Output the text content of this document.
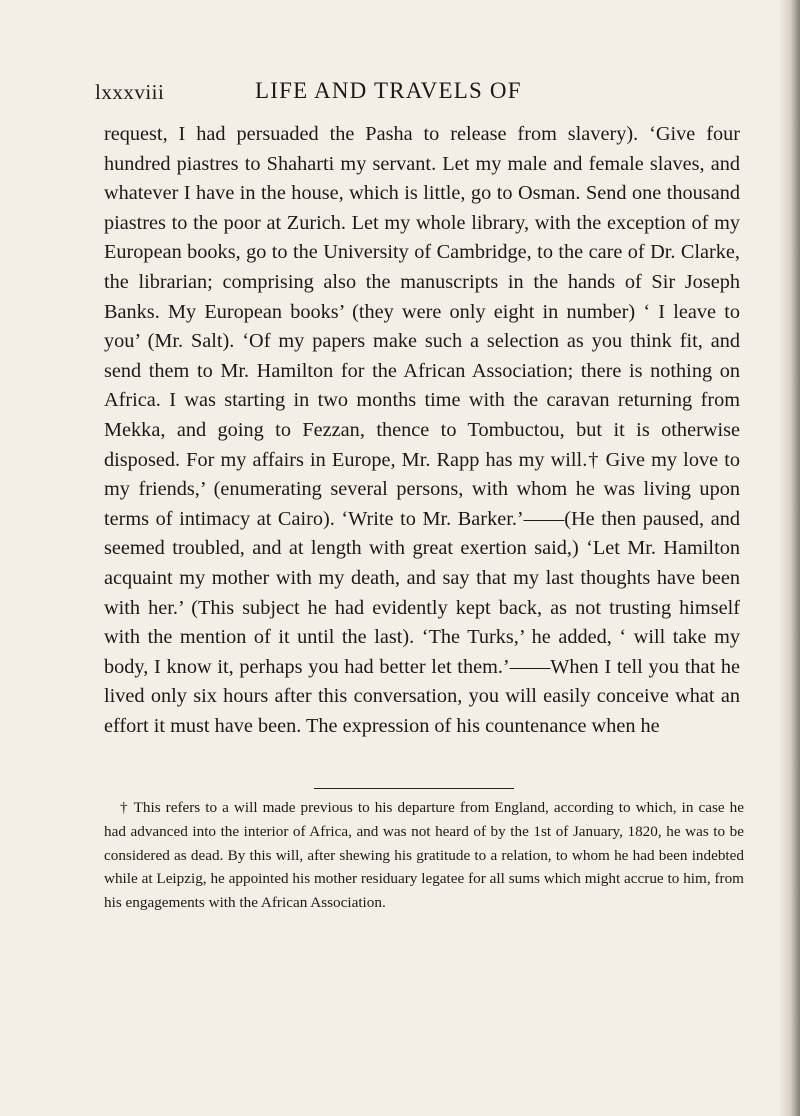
lxxxviii	LIFE AND TRAVELS OF

request, I had persuaded the Pasha to release from slavery). ‘Give four hundred piastres to Shaharti my servant. Let my male and female slaves, and whatever I have in the house, which is little, go to Osman. Send one thousand piastres to the poor at Zurich. Let my whole library, with the exception of my European books, go to the University of Cambridge, to the care of Dr. Clarke, the librarian; comprising also the manuscripts in the hands of Sir Joseph Banks. My European books’ (they were only eight in number) ‘ I leave to you’ (Mr. Salt). ‘Of my papers make such a selection as you think fit, and send them to Mr. Hamilton for the African Association; there is nothing on Africa. I was starting in two months time with the caravan returning from Mekka, and going to Fezzan, thence to Tombuctou, but it is otherwise disposed. For my affairs in Europe, Mr. Rapp has my will.† Give my love to my friends,’ (enumerating several persons, with whom he was living upon terms of intimacy at Cairo). ‘Write to Mr. Barker.’——(He then paused, and seemed troubled, and at length with great exertion said,) ‘Let Mr. Hamilton acquaint my mother with my death, and say that my last thoughts have been with her.’ (This subject he had evidently kept back, as not trusting himself with the mention of it until the last). ‘The Turks,’ he added, ‘ will take my body, I know it, perhaps you had better let them.’——When I tell you that he lived only six hours after this conversation, you will easily conceive what an effort it must have been. The expression of his countenance when he

† This refers to a will made previous to his departure from England, according to which, in case he had advanced into the interior of Africa, and was not heard of by the 1st of January, 1820, he was to be considered as dead. By this will, after shewing his gratitude to a relation, to whom he had been indebted while at Leipzig, he appointed his mother residuary legatee for all sums which might accrue to him, from his engagements with the African Association.
